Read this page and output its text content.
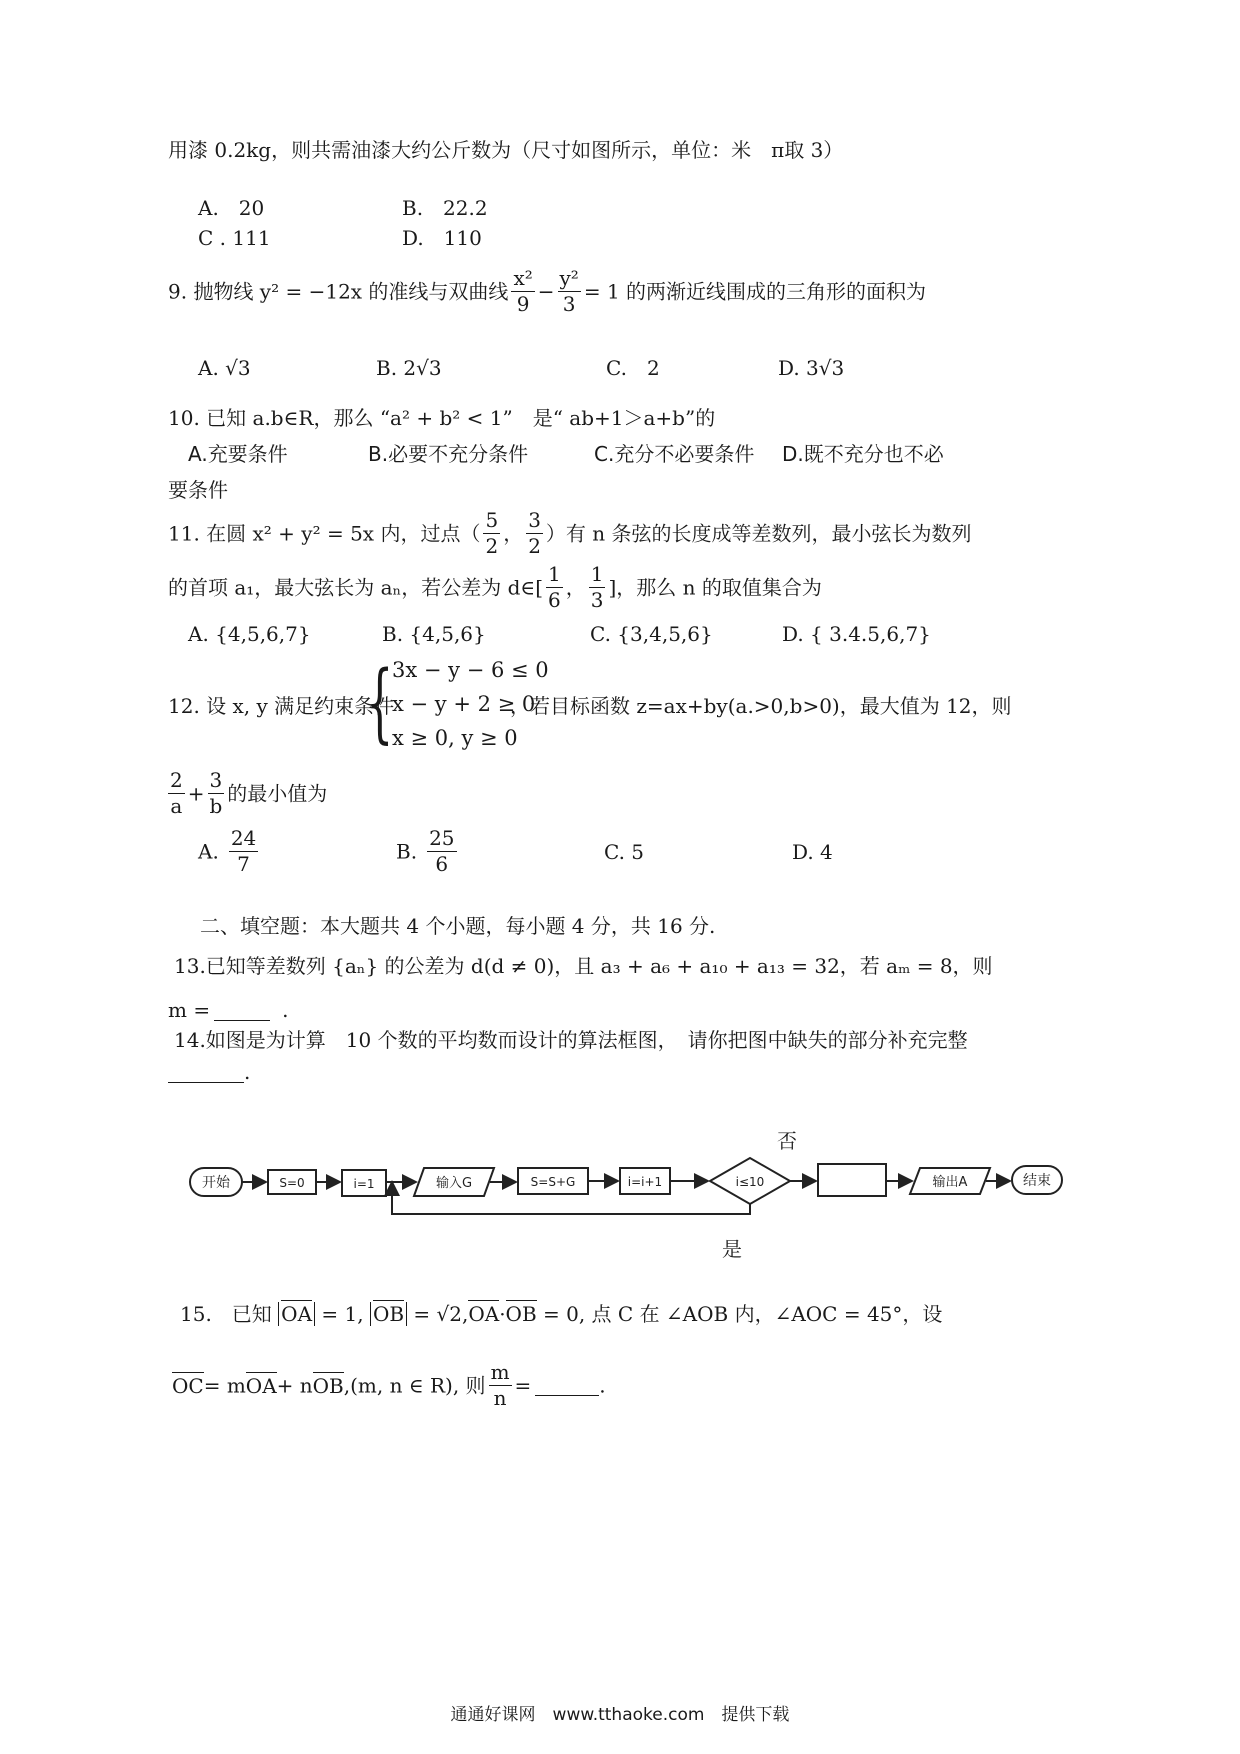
用漆 0.2kg，则共需油漆大约公斤数为（尺寸如图所示，单位：米　π取 3）
A.　20	B.　22.2
C . 111	D.　110
9. 抛物线 y² = −12x 的准线与双曲线 $\frac{\text{x²}}{9} - \frac{\text{y²}}{3} = 1$ 的两渐近线围成的三角形的面积为
A. √3	B. 2√3	C.　2	D. 3√3
10. 已知 a.b∈R，那么 “a² + b² < 1”　是“ ab+1＞a+b”的
A.充要条件	B.必要不充分条件	C.充分不必要条件 D.既不充分也不必
要条件
11. 在圆 x² + y² = 5x 内，过点（ $\frac{5}{2}$ ， $\frac{3}{2}$ ）有 n 条弦的长度成等差数列，最小弦长为数列
的首项 a₁，最大弦长为 aₙ，若公差为 d∈[ $\frac{1}{6}$ ， $\frac{1}{3}$ ]，那么 n 的取值集合为
A. {4,5,6,7}	B. {4,5,6}	C. {3,4,5,6}	D. { 3.4.5,6,7}
12. 设 x, y 满足约束条件
{
3x − y − 6 ≤ 0
x − y + 2 ≥ 0
x ≥ 0, y ≥ 0
，若目标函数 z=ax+by(a.>0,b>0)，最大值为 12，则
$\frac{2}{a} + \frac{3}{b}$ 的最小值为
A. $\frac{24}{7}$	B. $\frac{25}{6}$	C. 5	D. 4
二、填空题：本大题共 4 个小题，每小题 4 分，共 16 分.
13.已知等差数列 {aₙ} 的公差为 d(d ≠ 0)，且 a₃ + a₆ + a₁₀ + a₁₃ = 32，若 aₘ = 8，则
m =	.
14.如图是为计算　10 个数的平均数而设计的算法框图，　请你把图中缺失的部分补充完整
.
开始	S=0	i=1	输入G	S=S+G	i=i+1	i≤10	输出A	结束
否
是
15.　已知 OA = 1, OB = √2,OA·OB = 0, 点 C 在 ∠AOB 内，∠AOC = 45°，设
OC= mOA+ nOB,(m, n ∈ R), 则 $\frac{m}{n}$ =	.
通通好课网　www.tthaoke.com　提供下载
